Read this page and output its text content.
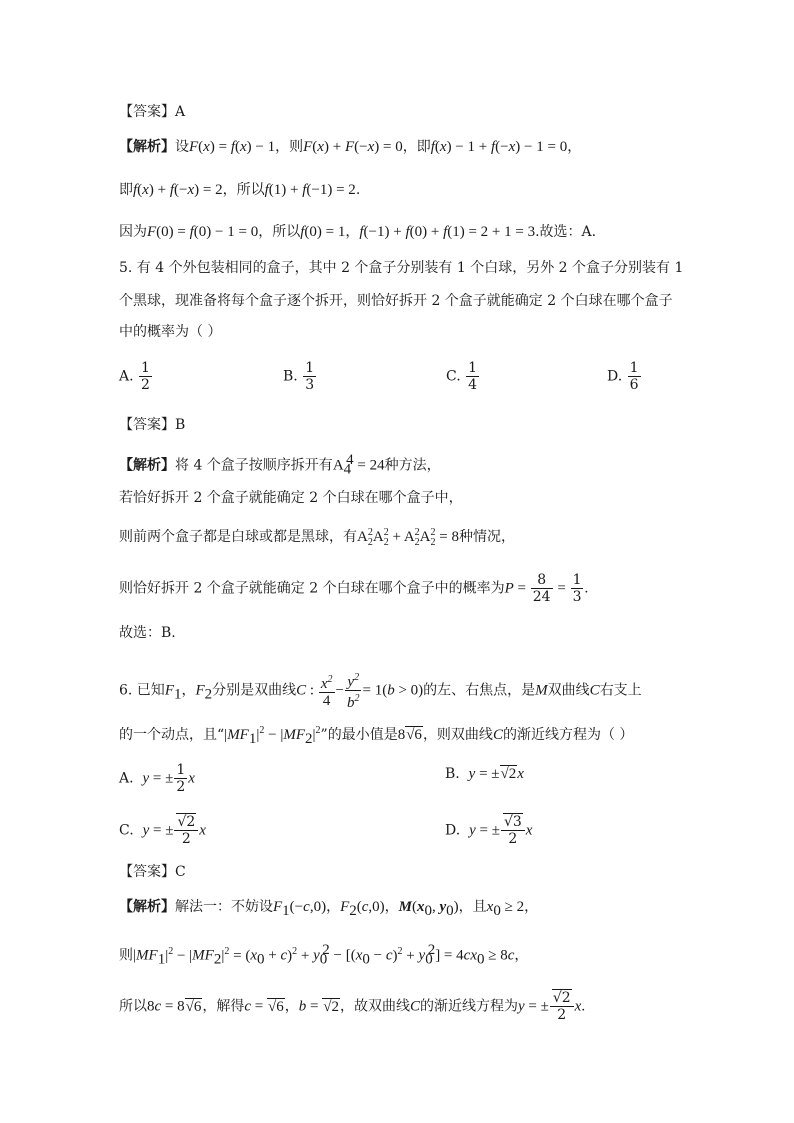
【答案】A
【解析】设F(x) = f(x) − 1，则F(x) + F(−x) = 0，即f(x) − 1 + f(−x) − 1 = 0，
即f(x) + f(−x) = 2，所以f(1) + f(−1) = 2.
因为F(0) = f(0) − 1 = 0，所以f(0) = 1，f(−1) + f(0) + f(1) = 2 + 1 = 3.故选：A.
5. 有 4 个外包装相同的盒子，其中 2 个盒子分别装有 1 个白球，另外 2 个盒子分别装有 1
个黑球，现准备将每个盒子逐个拆开，则恰好拆开 2 个盒子就能确定 2 个白球在哪个盒子
中的概率为（ ）
A. $\frac{1}{2}$	B. $\frac{1}{3}$	C. $\frac{1}{4}$	D. $\frac{1}{6}$
【答案】B
【解析】将 4 个盒子按顺序拆开有$A_4^4 = 24$种方法，
若恰好拆开 2 个盒子就能确定 2 个白球在哪个盒子中，
则前两个盒子都是白球或都是黑球，有$A_2^2A_2^2 + A_2^2A_2^2 = 8$种情况，
则恰好拆开 2 个盒子就能确定 2 个白球在哪个盒子中的概率为$P = \frac{8}{24} = \frac{1}{3}$ .
故选：B.
6. 已知$F_1$，$F_2$分别是双曲线C : $\frac{x^2}{4} - \frac{y^2}{b^2} = 1(b > 0)$的左、右焦点，是M双曲线C右支上
的一个动点，且“$|MF_1|^2 - |MF_2|^2$”的最小值是8√6，则双曲线C的渐近线方程为（ ）
A. y = ± $\frac{1}{2}$ x	B. y = ±√2x
C. y = ± $\frac{√2}{2}$ x	D. y = ± $\frac{√3}{2}$ x
【答案】C
【解析】解法一：不妨设$F_1(-c,0)$，$F_2(c,0)$，$M(x_0$, $y_0$)，且$x_0 \ge 2$，
则$|MF_1|^2 - |MF_2|^2 = (x_0 + c)^2 + y_0^2 - [(x_0 - c)^2 + y_0^2] = 4cx_0 \ge 8c$，
所以8c = 8√6，解得c = √6，b = √2，故双曲线C的渐近线方程为y = ± $\frac{√2}{2} x$.
